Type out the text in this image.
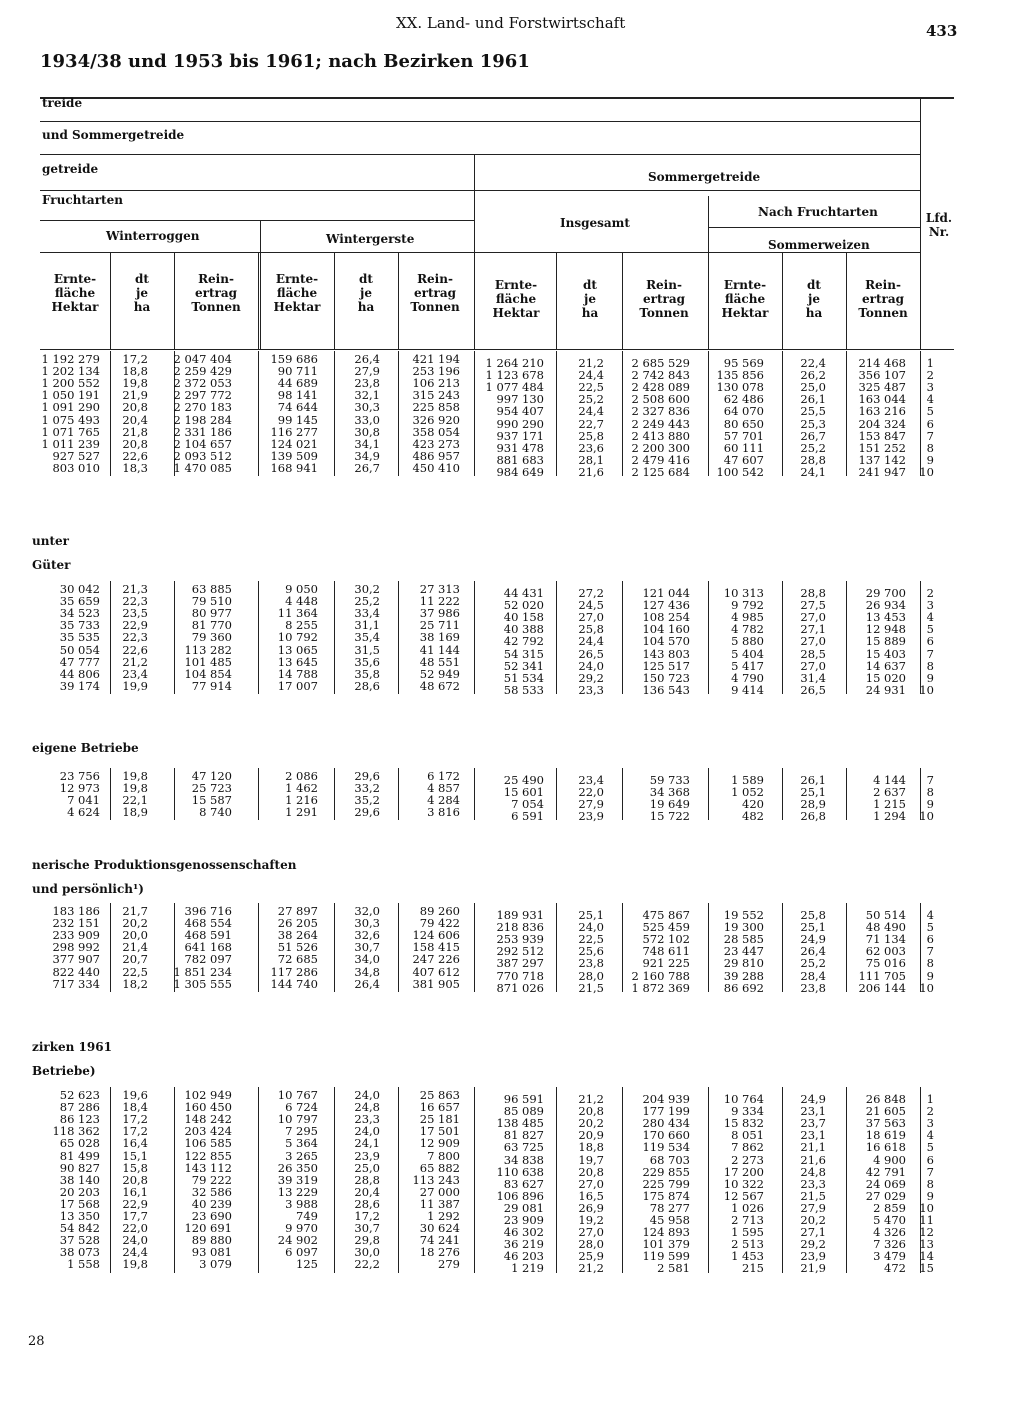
XX. Land- und Forstwirtschaft	433
1934/38 und 1953 bis 1961; nach Bezirken 1961
treide
und Sommergetreide
getreide
Sommergetreide
Fruchtarten
Winterroggen	Wintergerste
Insgesamt
Nach Fruchtarten
Sommerweizen
Lfd.
Nr.
Ernte-
fläche
Hektar
dt
je
ha
Rein-
ertrag
Tonnen
Ernte-
fläche
Hektar
dt
je
ha
Rein-
ertrag
Tonnen
Ernte-
fläche
Hektar
dt
je
ha
Rein-
ertrag
Tonnen
Ernte-
fläche
Hektar
dt
je
ha
Rein-
ertrag
Tonnen
1 192 279	17,2	2 047 404	159 686	26,4	421 194	1 264 210	21,2	2 685 529	95 569	22,4	214 468	1
1 202 134	18,8	2 259 429	90 711	27,9	253 196	1 123 678	24,4	2 742 843	135 856	26,2	356 107	2
1 200 552	19,8	2 372 053	44 689	23,8	106 213	1 077 484	22,5	2 428 089	130 078	25,0	325 487	3
1 050 191	21,9	2 297 772	98 141	32,1	315 243	997 130	25,2	2 508 600	62 486	26,1	163 044	4
1 091 290	20,8	2 270 183	74 644	30,3	225 858	954 407	24,4	2 327 836	64 070	25,5	163 216	5
1 075 493	20,4	2 198 284	99 145	33,0	326 920	990 290	22,7	2 249 443	80 650	25,3	204 324	6
1 071 765	21,8	2 331 186	116 277	30,8	358 054	937 171	25,8	2 413 880	57 701	26,7	153 847	7
1 011 239	20,8	2 104 657	124 021	34,1	423 273	931 478	23,6	2 200 300	60 111	25,2	151 252	8
927 527	22,6	2 093 512	139 509	34,9	486 957	881 683	28,1	2 479 416	47 607	28,8	137 142	9
803 010	18,3	1 470 085	168 941	26,7	450 410	984 649	21,6	2 125 684	100 542	24,1	241 947	10
unter
Güter
30 042	21,3	63 885	9 050	30,2	27 313	44 431	27,2	121 044	10 313	28,8	29 700	2
35 659	22,3	79 510	4 448	25,2	11 222	52 020	24,5	127 436	9 792	27,5	26 934	3
34 523	23,5	80 977	11 364	33,4	37 986	40 158	27,0	108 254	4 985	27,0	13 453	4
35 733	22,9	81 770	8 255	31,1	25 711	40 388	25,8	104 160	4 782	27,1	12 948	5
35 535	22,3	79 360	10 792	35,4	38 169	42 792	24,4	104 570	5 880	27,0	15 889	6
50 054	22,6	113 282	13 065	31,5	41 144	54 315	26,5	143 803	5 404	28,5	15 403	7
47 777	21,2	101 485	13 645	35,6	48 551	52 341	24,0	125 517	5 417	27,0	14 637	8
44 806	23,4	104 854	14 788	35,8	52 949	51 534	29,2	150 723	4 790	31,4	15 020	9
39 174	19,9	77 914	17 007	28,6	48 672	58 533	23,3	136 543	9 414	26,5	24 931	10
eigene Betriebe
23 756	19,8	47 120	2 086	29,6	6 172	25 490	23,4	59 733	1 589	26,1	4 144	7
12 973	19,8	25 723	1 462	33,2	4 857	15 601	22,0	34 368	1 052	25,1	2 637	8
7 041	22,1	15 587	1 216	35,2	4 284	7 054	27,9	19 649	420	28,9	1 215	9
4 624	18,9	8 740	1 291	29,6	3 816	6 591	23,9	15 722	482	26,8	1 294	10
nerische Produktionsgenossenschaften
und persönlich¹)
183 186	21,7	396 716	27 897	32,0	89 260	189 931	25,1	475 867	19 552	25,8	50 514	4
232 151	20,2	468 554	26 205	30,3	79 422	218 836	24,0	525 459	19 300	25,1	48 490	5
233 909	20,0	468 591	38 264	32,6	124 606	253 939	22,5	572 102	28 585	24,9	71 134	6
298 992	21,4	641 168	51 526	30,7	158 415	292 512	25,6	748 611	23 447	26,4	62 003	7
377 907	20,7	782 097	72 685	34,0	247 226	387 297	23,8	921 225	29 810	25,2	75 016	8
822 440	22,5	1 851 234	117 286	34,8	407 612	770 718	28,0	2 160 788	39 288	28,4	111 705	9
717 334	18,2	1 305 555	144 740	26,4	381 905	871 026	21,5	1 872 369	86 692	23,8	206 144	10
zirken 1961
Betriebe)
52 623	19,6	102 949	10 767	24,0	25 863	96 591	21,2	204 939	10 764	24,9	26 848	1
87 286	18,4	160 450	6 724	24,8	16 657	85 089	20,8	177 199	9 334	23,1	21 605	2
86 123	17,2	148 242	10 797	23,3	25 181	138 485	20,2	280 434	15 832	23,7	37 563	3
118 362	17,2	203 424	7 295	24,0	17 501	81 827	20,9	170 660	8 051	23,1	18 619	4
65 028	16,4	106 585	5 364	24,1	12 909	63 725	18,8	119 534	7 862	21,1	16 618	5
81 499	15,1	122 855	3 265	23,9	7 800	34 838	19,7	68 703	2 273	21,6	4 900	6
90 827	15,8	143 112	26 350	25,0	65 882	110 638	20,8	229 855	17 200	24,8	42 791	7
38 140	20,8	79 222	39 319	28,8	113 243	83 627	27,0	225 799	10 322	23,3	24 069	8
20 203	16,1	32 586	13 229	20,4	27 000	106 896	16,5	175 874	12 567	21,5	27 029	9
17 568	22,9	40 239	3 988	28,6	11 387	29 081	26,9	78 277	1 026	27,9	2 859	10
13 350	17,7	23 690	749	17,2	1 292	23 909	19,2	45 958	2 713	20,2	5 470	11
54 842	22,0	120 691	9 970	30,7	30 624	46 302	27,0	124 893	1 595	27,1	4 326	12
37 528	24,0	89 880	24 902	29,8	74 241	36 219	28,0	101 379	2 513	29,2	7 326	13
38 073	24,4	93 081	6 097	30,0	18 276	46 203	25,9	119 599	1 453	23,9	3 479	14
1 558	19,8	3 079	125	22,2	279	1 219	21,2	2 581	215	21,9	472	15
28
